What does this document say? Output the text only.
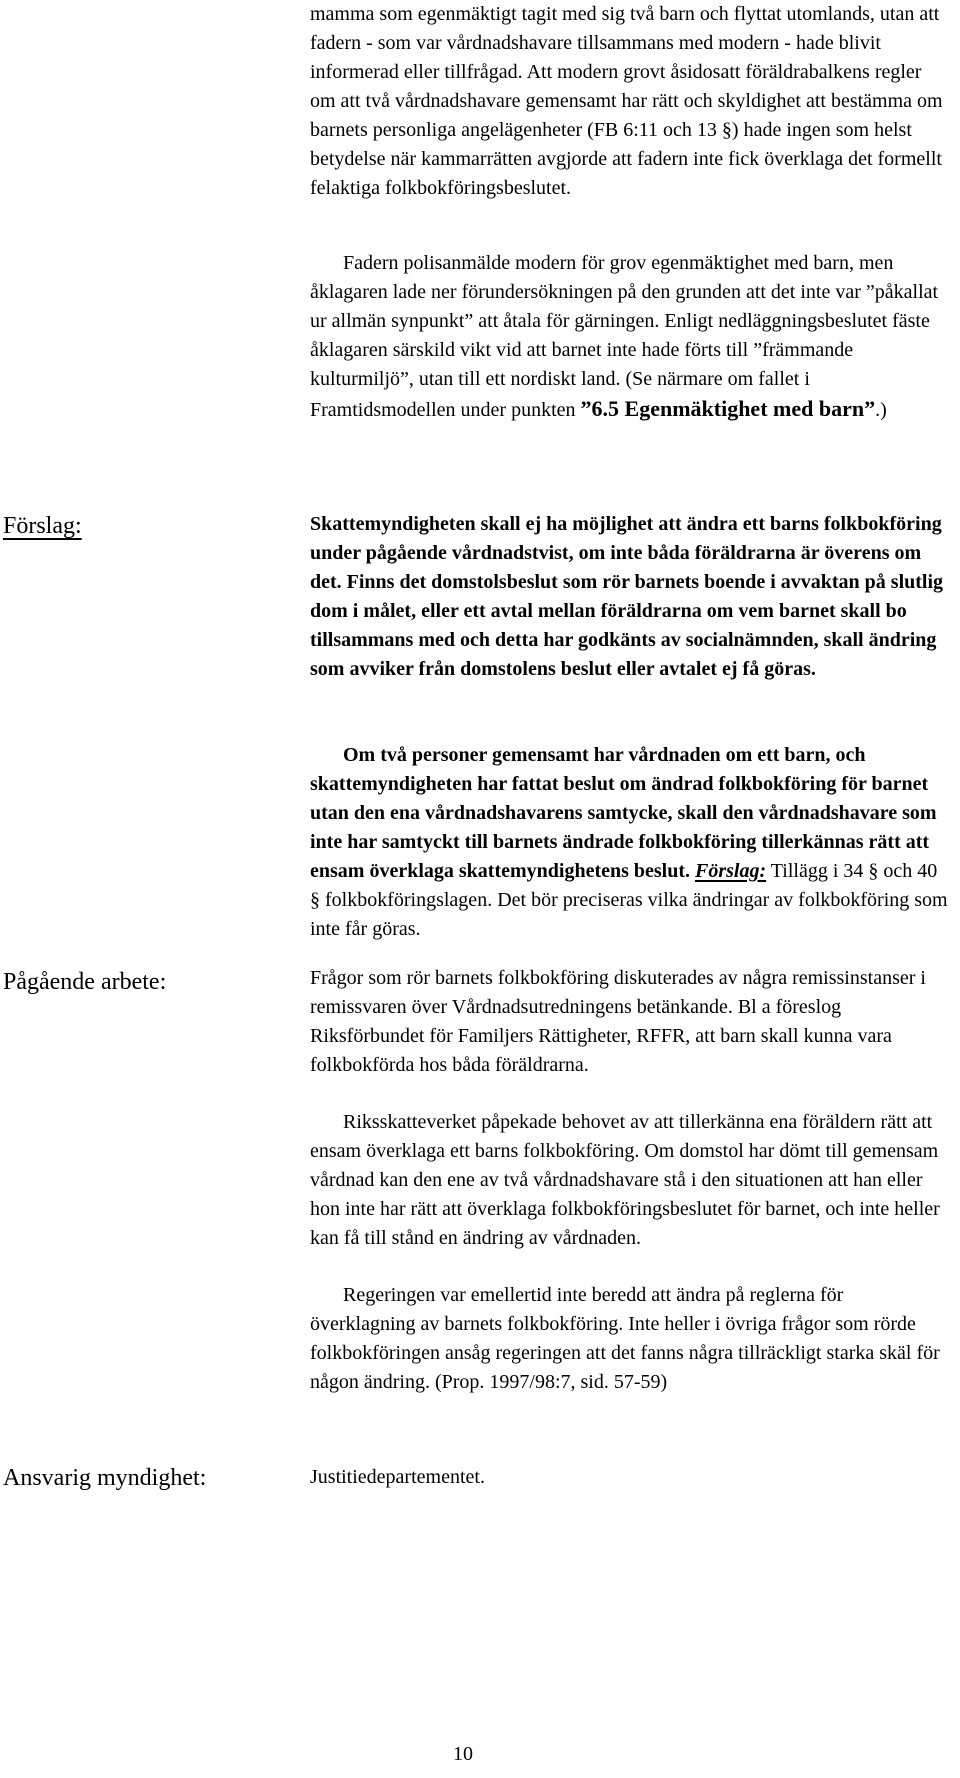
mamma som egenmäktigt tagit med sig två barn och flyttat utomlands, utan att fadern - som var vårdnadshavare tillsammans med modern - hade blivit informerad eller tillfrågad. Att modern grovt åsidosatt föräldrabalkens regler om att två vårdnadshavare gemensamt har rätt och skyldighet att bestämma om barnets personliga angelägenheter (FB 6:11 och 13 §) hade ingen som helst betydelse när kammarrätten avgjorde att fadern inte fick överklaga det formellt felaktiga folkbokföringsbeslutet.

Fadern polisanmälde modern för grov egenmäktighet med barn, men åklagaren lade ner förundersökningen på den grunden att det inte var ”påkallat ur allmän synpunkt” att åtala för gärningen. Enligt nedläggningsbeslutet fäste åklagaren särskild vikt vid att barnet inte hade förts till ”främmande kulturmiljö”, utan till ett nordiskt land. (Se närmare om fallet i Framtidsmodellen under punkten ”6.5 Egenmäktighet med barn”.)

Förslag:	Skattemyndigheten skall ej ha möjlighet att ändra ett barns folkbokföring under pågående vårdnadstvist, om inte båda föräldrarna är överens om det. Finns det domstolsbeslut som rör barnets boende i avvaktan på slutlig dom i målet, eller ett avtal mellan föräldrarna om vem barnet skall bo tillsammans med och detta har godkänts av socialnämnden, skall ändring som avviker från domstolens beslut eller avtalet ej få göras.

Om två personer gemensamt har vårdnaden om ett barn, och skattemyndigheten har fattat beslut om ändrad folkbokföring för barnet utan den ena vårdnadshavarens samtycke, skall den vårdnadshavare som inte har samtyckt till barnets ändrade folkbokföring tillerkännas rätt att ensam överklaga skattemyndighetens beslut. Förslag: Tillägg i 34 § och 40 § folkbokföringslagen. Det bör preciseras vilka ändringar av folkbokföring som inte får göras.

Pågående arbete:	Frågor som rör barnets folkbokföring diskuterades av några remissinstanser i remissvaren över Vårdnadsutredningens betänkande. Bl a föreslog Riksförbundet för Familjers Rättigheter, RFFR, att barn skall kunna vara folkbokförda hos båda föräldrarna.

Riksskatteverket påpekade behovet av att tillerkänna ena föräldern rätt att ensam överklaga ett barns folkbokföring. Om domstol har dömt till gemensam vårdnad kan den ene av två vårdnadshavare stå i den situationen att han eller hon inte har rätt att överklaga folkbokföringsbeslutet för barnet, och inte heller kan få till stånd en ändring av vårdnaden.

Regeringen var emellertid inte beredd att ändra på reglerna för överklagning av barnets folkbokföring. Inte heller i övriga frågor som rörde folkbokföringen ansåg regeringen att det fanns några tillräckligt starka skäl för någon ändring. (Prop. 1997/98:7, sid. 57-59)

Ansvarig myndighet:	Justitiedepartementet.

10
